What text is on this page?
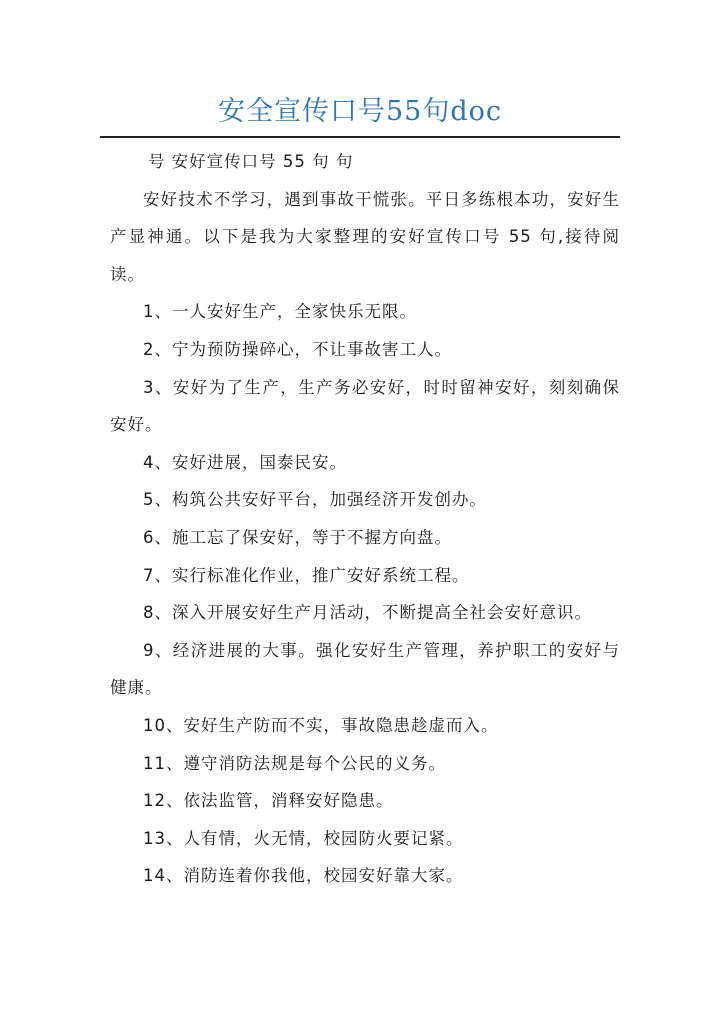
安全宣传口号55句doc

号 安好宣传口号 55 句 句

安好技术不学习，遇到事故干慌张。平日多练根本功，安好生产显神通。以下是我为大家整理的安好宣传口号 55 句,接待阅读。

1、一人安好生产，全家快乐无限。

2、宁为预防操碎心，不让事故害工人。

3、安好为了生产，生产务必安好，时时留神安好，刻刻确保安好。

4、安好进展，国泰民安。

5、构筑公共安好平台，加强经济开发创办。

6、施工忘了保安好，等于不握方向盘。

7、实行标准化作业，推广安好系统工程。

8、深入开展安好生产月活动，不断提高全社会安好意识。

9、经济进展的大事。强化安好生产管理，养护职工的安好与健康。

10、安好生产防而不实，事故隐患趁虚而入。

11、遵守消防法规是每个公民的义务。

12、依法监管，消释安好隐患。

13、人有情，火无情，校园防火要记紧。

14、消防连着你我他，校园安好靠大家。
